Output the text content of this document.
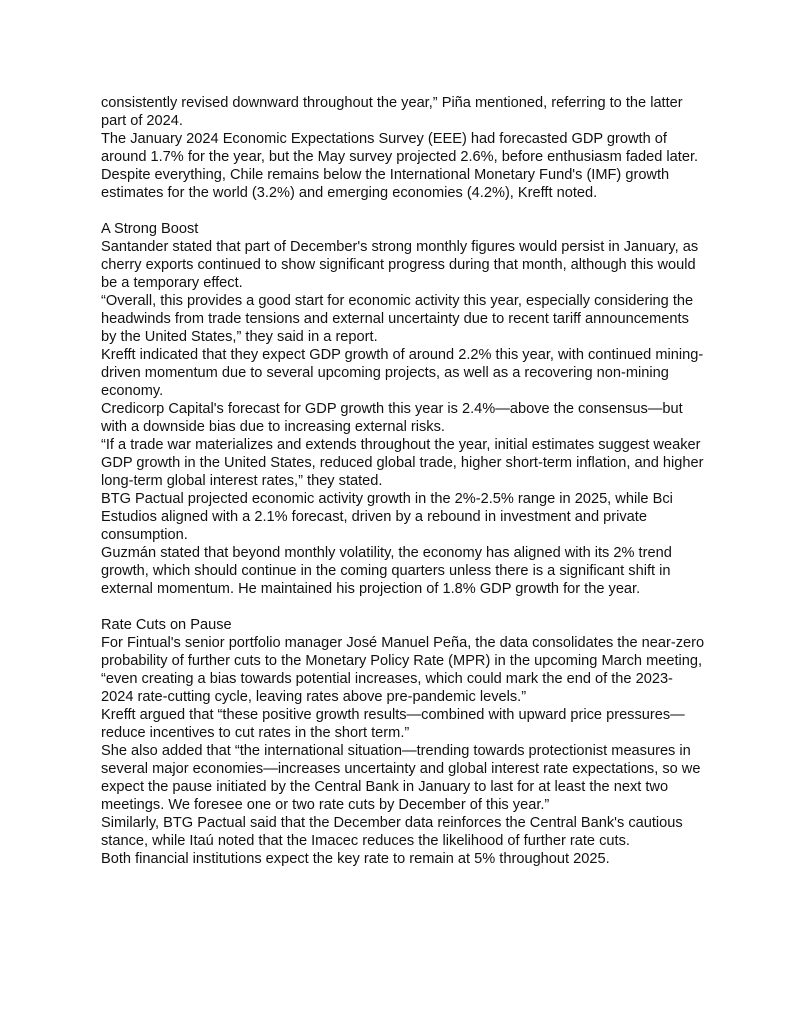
consistently revised downward throughout the year,” Piña mentioned, referring to the latter part of 2024.

The January 2024 Economic Expectations Survey (EEE) had forecasted GDP growth of around 1.7% for the year, but the May survey projected 2.6%, before enthusiasm faded later.

Despite everything, Chile remains below the International Monetary Fund's (IMF) growth estimates for the world (3.2%) and emerging economies (4.2%), Krefft noted.

A Strong Boost

Santander stated that part of December's strong monthly figures would persist in January, as cherry exports continued to show significant progress during that month, although this would be a temporary effect.

“Overall, this provides a good start for economic activity this year, especially considering the headwinds from trade tensions and external uncertainty due to recent tariff announcements by the United States,” they said in a report.

Krefft indicated that they expect GDP growth of around 2.2% this year, with continued mining-driven momentum due to several upcoming projects, as well as a recovering non-mining economy.

Credicorp Capital's forecast for GDP growth this year is 2.4%—above the consensus—but with a downside bias due to increasing external risks.

“If a trade war materializes and extends throughout the year, initial estimates suggest weaker GDP growth in the United States, reduced global trade, higher short-term inflation, and higher long-term global interest rates,” they stated.

BTG Pactual projected economic activity growth in the 2%-2.5% range in 2025, while Bci Estudios aligned with a 2.1% forecast, driven by a rebound in investment and private consumption.

Guzmán stated that beyond monthly volatility, the economy has aligned with its 2% trend growth, which should continue in the coming quarters unless there is a significant shift in external momentum. He maintained his projection of 1.8% GDP growth for the year.

Rate Cuts on Pause

For Fintual's senior portfolio manager José Manuel Peña, the data consolidates the near-zero probability of further cuts to the Monetary Policy Rate (MPR) in the upcoming March meeting, “even creating a bias towards potential increases, which could mark the end of the 2023-2024 rate-cutting cycle, leaving rates above pre-pandemic levels.”

Krefft argued that “these positive growth results—combined with upward price pressures—reduce incentives to cut rates in the short term.”

She also added that “the international situation—trending towards protectionist measures in several major economies—increases uncertainty and global interest rate expectations, so we expect the pause initiated by the Central Bank in January to last for at least the next two meetings. We foresee one or two rate cuts by December of this year.”

Similarly, BTG Pactual said that the December data reinforces the Central Bank's cautious stance, while Itaú noted that the Imacec reduces the likelihood of further rate cuts.

Both financial institutions expect the key rate to remain at 5% throughout 2025.
